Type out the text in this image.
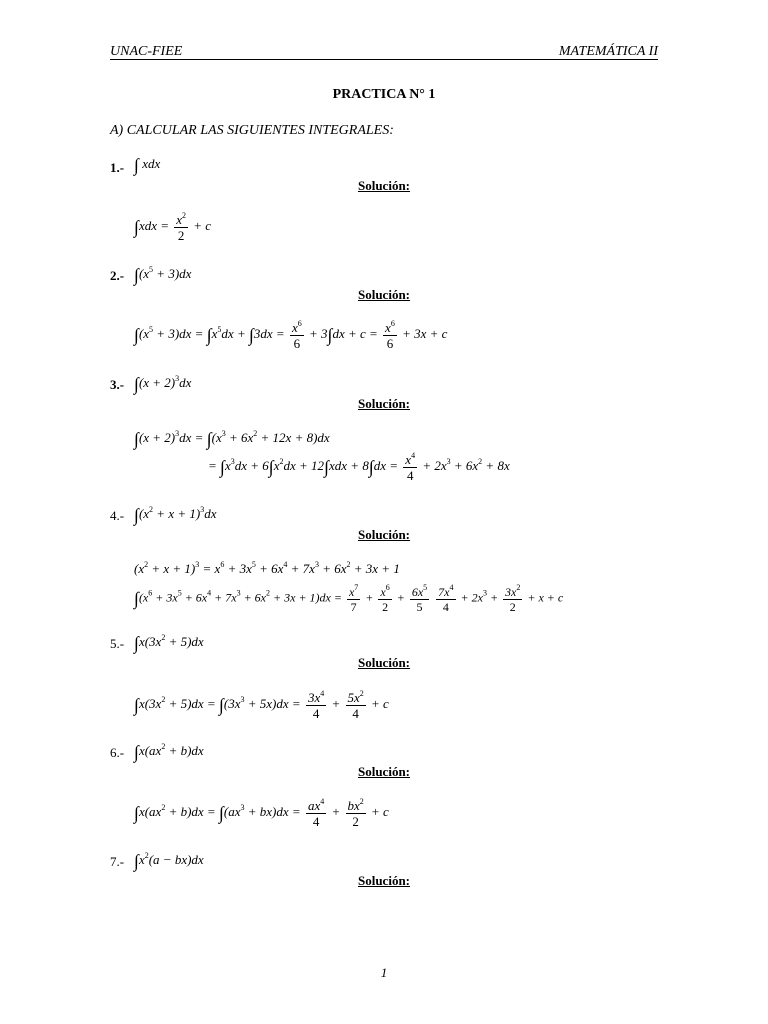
UNAC-FIEE	MATEMÁTICA II
PRACTICA N° 1
A) CALCULAR LAS SIGUIENTES INTEGRALES:
1.- ∫ xdx
Solución:
$\int xdx = \frac{x^2}{2} + c$
2.- $\int(x^5 + 3)dx$
Solución:
$\int(x^5 + 3)dx = \int x^5dx + \int 3dx = \frac{x^6}{6} + 3\int dx + c = \frac{x^6}{6} + 3x + c$
3.- $\int(x + 2)^3dx$
Solución:
$\int(x + 2)^3dx = \int(x^3 + 6x^2 + 12x + 8)dx$
= $\int x^3dx + 6\int x^2dx + 12\int xdx + 8\int dx = \frac{x^4}{4} + 2x^3 + 6x^2 + 8x$
4.- $\int(x^2 + x + 1)^3dx$
Solución:
$(x^2 + x + 1)^3 = x^6 + 3x^5 + 6x^4 + 7x^3 + 6x^2 + 3x + 1$
$\int(x^6 + 3x^5 + 6x^4 + 7x^3 + 6x^2 + 3x + 1)dx = \frac{x^7}{7} + \frac{x^6}{2} + \frac{6x^5}{5}$
$\frac{7x^4}{4} + 2x^3 + \frac{3x^2}{2} + x + c$
5.- $\int x(3x^2 + 5)dx$
Solución:
$\int x(3x^2 + 5)dx = \int(3x^3 + 5x)dx = \frac{3x^4}{4} + \frac{5x^2}{4} + c$
6.- $\int x(ax^2 + b)dx$
Solución:
$\int x(ax^2 + b)dx = \int(ax^3 + bx)dx = \frac{ax^4}{4} + \frac{bx^2}{2} + c$
7.- $\int x^2(a - bx)dx$
Solución:
1
